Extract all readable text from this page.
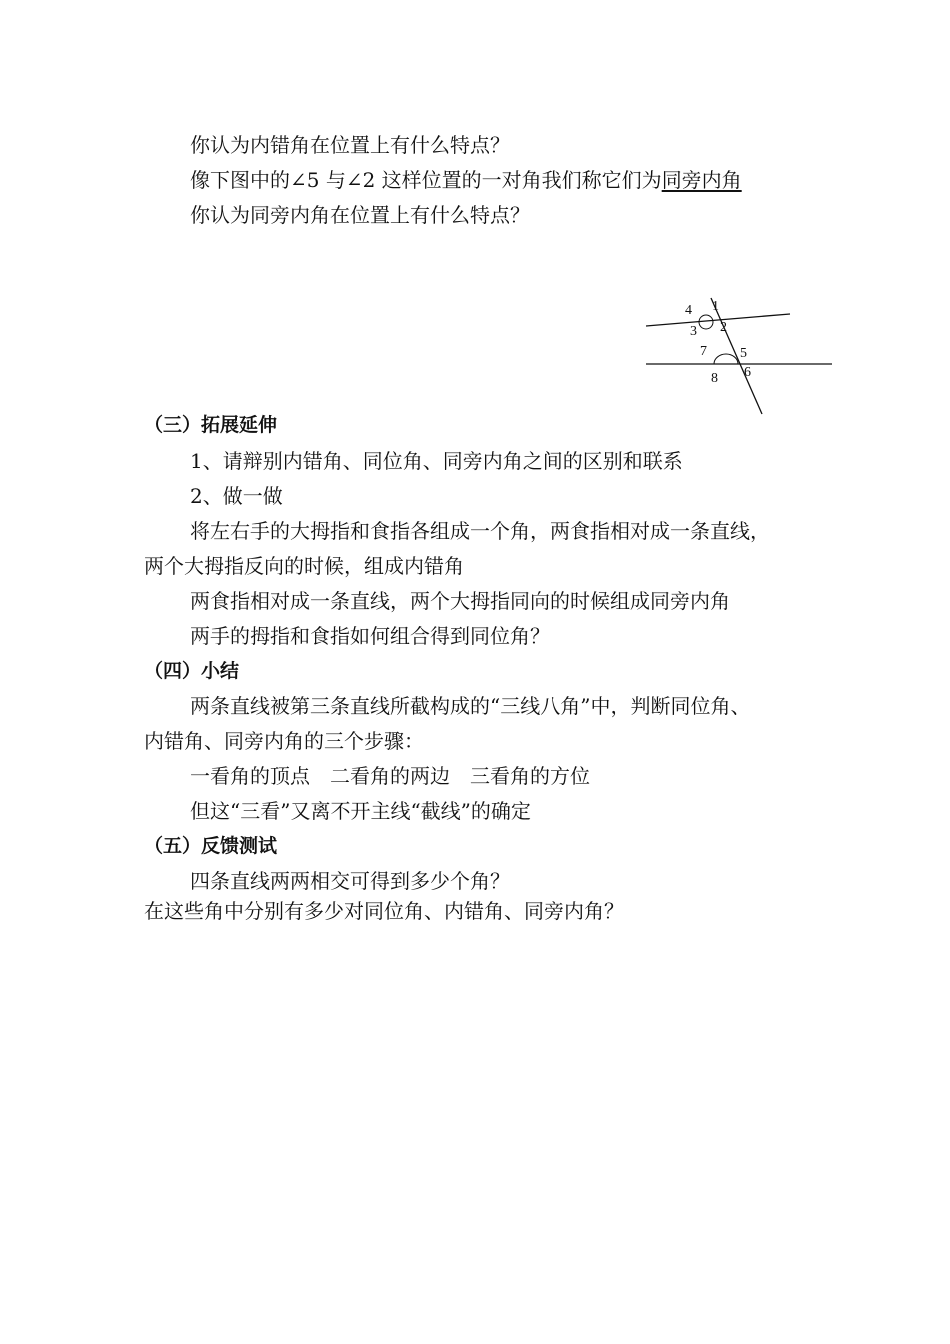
你认为内错角在位置上有什么特点？
像下图中的∠5 与∠2 这样位置的一对角我们称它们为同旁内角
你认为同旁内角在位置上有什么特点？
4 1
3 2
7 5
8 6
（三）拓展延伸
1、请辩别内错角、同位角、同旁内角之间的区别和联系
2、做一做
将左右手的大拇指和食指各组成一个角，两食指相对成一条直线，
两个大拇指反向的时候，组成内错角
两食指相对成一条直线，两个大拇指同向的时候组成同旁内角
两手的拇指和食指如何组合得到同位角？
（四）小结
两条直线被第三条直线所截构成的“三线八角”中，判断同位角、
内错角、同旁内角的三个步骤：
一看角的顶点　二看角的两边　三看角的方位
但这“三看”又离不开主线“截线”的确定
（五）反馈测试
四条直线两两相交可得到多少个角？
在这些角中分别有多少对同位角、内错角、同旁内角？
